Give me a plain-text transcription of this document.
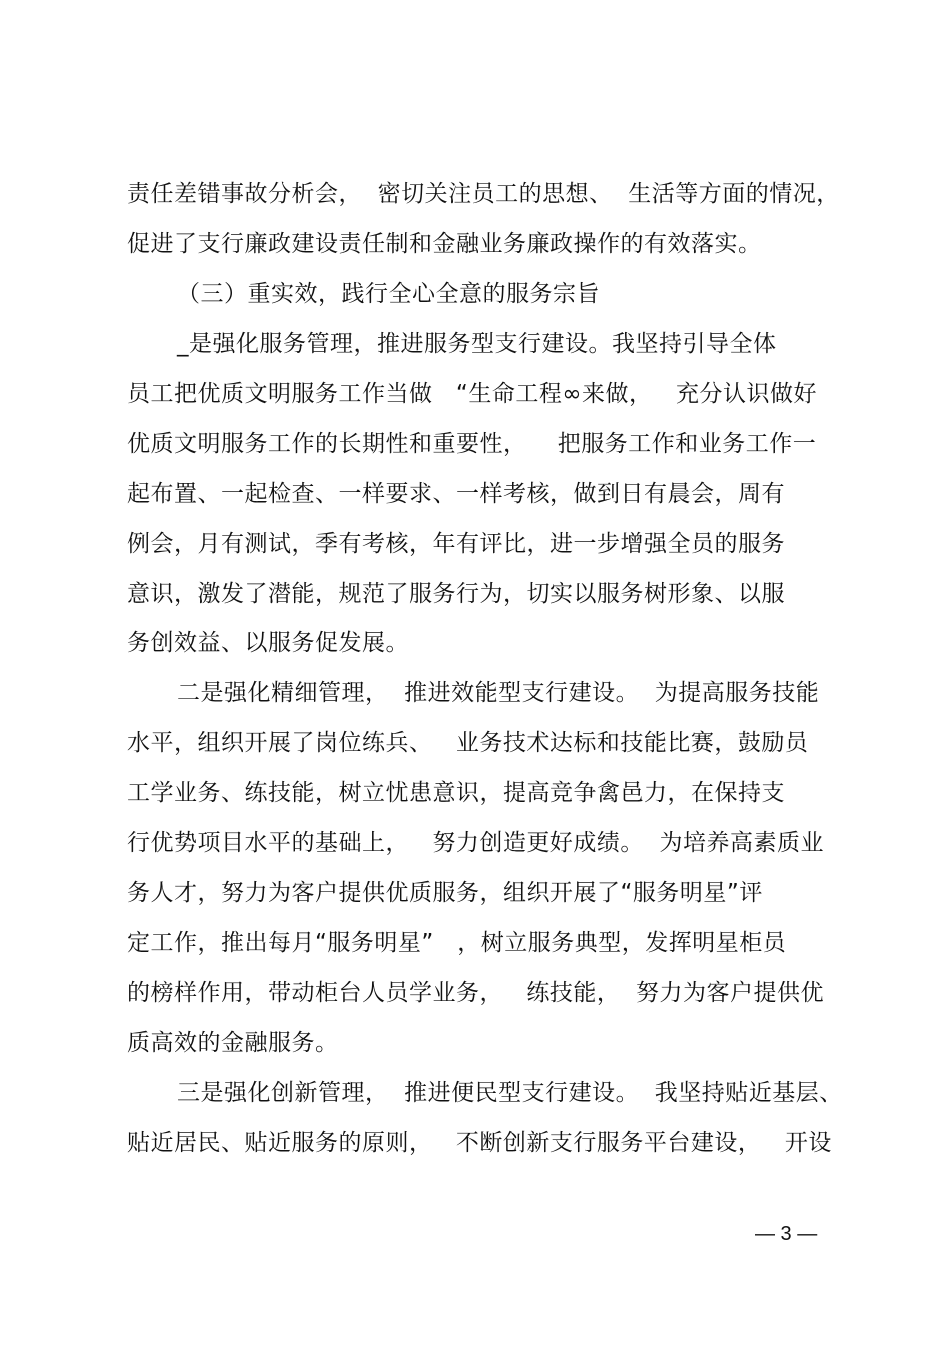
责任差错事故分析会，  密切关注员工的思想、  生活等方面的情况，
促进了支行廉政建设责任制和金融业务廉政操作的有效落实。
（三）重实效，践行全心全意的服务宗旨
_是强化服务管理，推进服务型支行建设。我坚持引导全体
员工把优质文明服务工作当做   “生命工程∞来做，   充分认识做好
优质文明服务工作的长期性和重要性，    把服务工作和业务工作一
起布置、一起检查、一样要求、一样考核，做到日有晨会，周有
例会，月有测试，季有考核，年有评比，进一步增强全员的服务
意识，激发了潜能，规范了服务行为，切实以服务树形象、以服
务创效益、以服务促发展。
二是强化精细管理，  推进效能型支行建设。  为提高服务技能
水平，组织开展了岗位练兵、   业务技术达标和技能比赛，鼓励员
工学业务、练技能，树立忧患意识，提高竞争禽邑力，在保持支
行优势项目水平的基础上，   努力创造更好成绩。  为培养高素质业
务人才，努力为客户提供优质服务，组织开展了“服务明星”评
定工作，推出每月“服务明星”   ，树立服务典型，发挥明星柜员
的榜样作用，带动柜台人员学业务，   练技能，  努力为客户提供优
质高效的金融服务。
三是强化创新管理，  推进便民型支行建设。  我坚持贴近基层、
贴近居民、贴近服务的原则，   不断创新支行服务平台建设，   开设
— 3 —
